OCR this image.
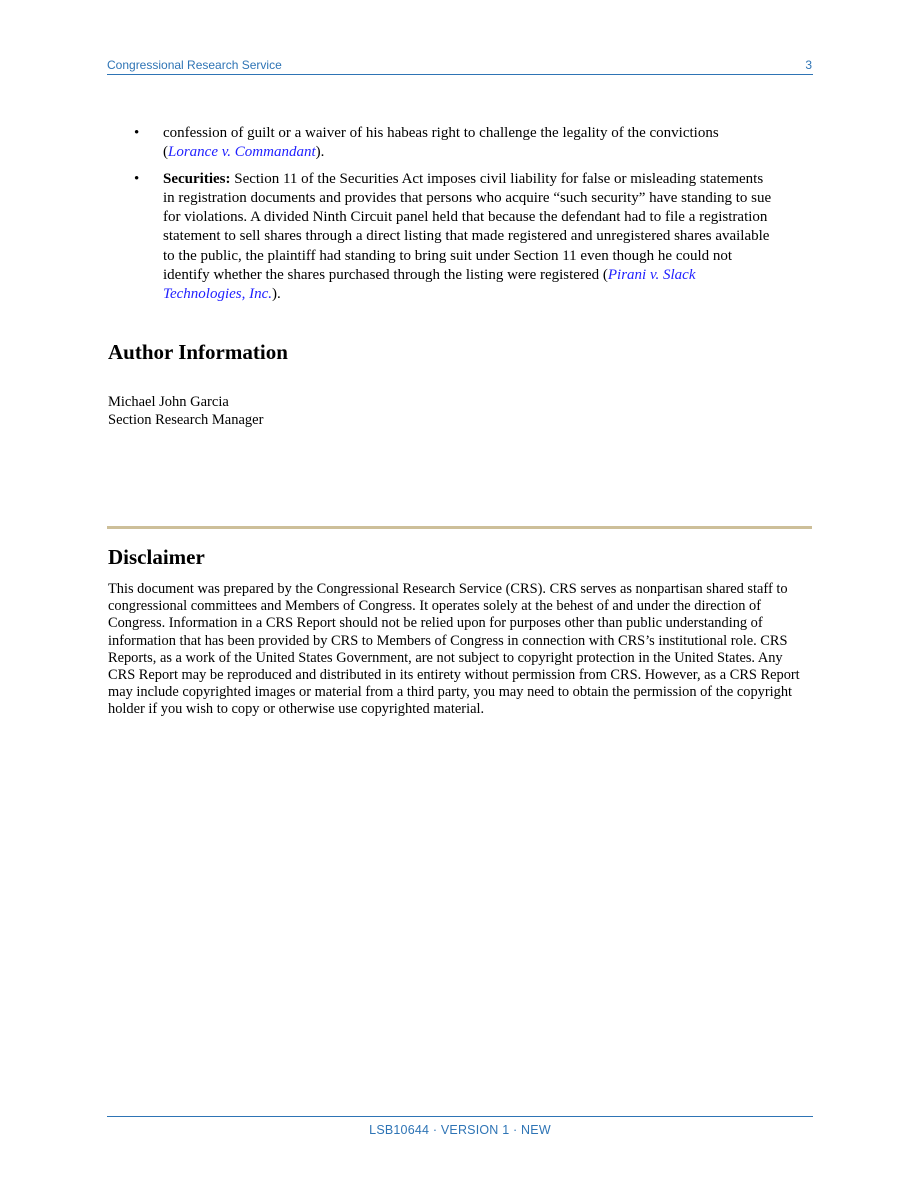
Congressional Research Service	3
• confession of guilt or a waiver of his habeas right to challenge the legality of the convictions (Lorance v. Commandant).
• Securities: Section 11 of the Securities Act imposes civil liability for false or misleading statements in registration documents and provides that persons who acquire “such security” have standing to sue for violations. A divided Ninth Circuit panel held that because the defendant had to file a registration statement to sell shares through a direct listing that made registered and unregistered shares available to the public, the plaintiff had standing to bring suit under Section 11 even though he could not identify whether the shares purchased through the listing were registered (Pirani v. Slack Technologies, Inc.).
Author Information
Michael John Garcia
Section Research Manager
Disclaimer

This document was prepared by the Congressional Research Service (CRS). CRS serves as nonpartisan shared staff to congressional committees and Members of Congress. It operates solely at the behest of and under the direction of Congress. Information in a CRS Report should not be relied upon for purposes other than public understanding of information that has been provided by CRS to Members of Congress in connection with CRS’s institutional role. CRS Reports, as a work of the United States Government, are not subject to copyright protection in the United States. Any CRS Report may be reproduced and distributed in its entirety without permission from CRS. However, as a CRS Report may include copyrighted images or material from a third party, you may need to obtain the permission of the copyright holder if you wish to copy or otherwise use copyrighted material.

LSB10644 · VERSION 1 · NEW
